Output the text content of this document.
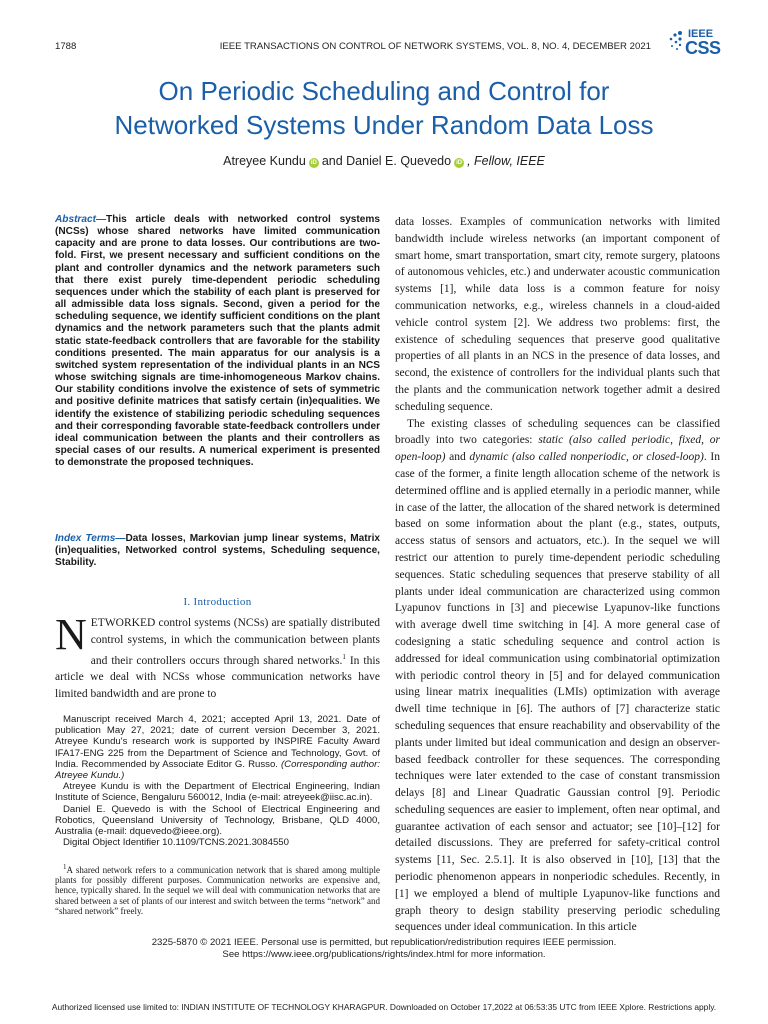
1788	IEEE TRANSACTIONS ON CONTROL OF NETWORK SYSTEMS, VOL. 8, NO. 4, DECEMBER 2021
IEEE
CSS
On Periodic Scheduling and Control for
Networked Systems Under Random Data Loss
Atreyee Kundu iD and Daniel E. Quevedo iD , Fellow, IEEE
Abstract—This article deals with networked control systems (NCSs) whose shared networks have limited communication capacity and are prone to data losses. Our contributions are two-fold. First, we present necessary and sufficient conditions on the plant and controller dynamics and the network parameters such that there exist purely time-dependent periodic scheduling sequences under which the stability of each plant is preserved for all admissible data loss signals. Second, given a period for the scheduling sequence, we identify sufficient conditions on the plant dynamics and the network parameters such that the plants admit static state-feedback controllers that are favorable for the stability conditions presented. The main apparatus for our analysis is a switched system representation of the individual plants in an NCS whose switching signals are time-inhomogeneous Markov chains. Our stability conditions involve the existence of sets of symmetric and positive definite matrices that satisfy certain (in)equalities. We identify the existence of stabilizing periodic scheduling sequences and their corresponding favorable state-feedback controllers under ideal communication between the plants and their controllers as special cases of our results. A numerical experiment is presented to demonstrate the proposed techniques.
Index Terms—Data losses, Markovian jump linear systems, Matrix (in)equalities, Networked control systems, Scheduling sequence, Stability.
I. Introduction
NETWORKED control systems (NCSs) are spatially distributed control systems, in which the communication between plants and their controllers occurs through shared networks.$^1$ In this article we deal with NCSs whose communication networks have limited bandwidth and are prone to

Manuscript received March 4, 2021; accepted April 13, 2021. Date of publication May 27, 2021; date of current version December 3, 2021. Atreyee Kundu's research work is supported by INSPIRE Faculty Award IFA17-ENG 225 from the Department of Science and Technology, Govt. of India. Recommended by Associate Editor G. Russo. (Corresponding author: Atreyee Kundu.)

Atreyee Kundu is with the Department of Electrical Engineering, Indian Institute of Science, Bengaluru 560012, India (e-mail: atreyeek@iisc.ac.in).

Daniel E. Quevedo is with the School of Electrical Engineering and Robotics, Queensland University of Technology, Brisbane, QLD 4000, Australia (e-mail: dquevedo@ieee.org).

Digital Object Identifier 10.1109/TCNS.2021.3084550

$^1$A shared network refers to a communication network that is shared among multiple plants for possibly different purposes. Communication networks are expensive and, hence, typically shared. In the sequel we will deal with communication networks that are shared between a set of plants of our interest and switch between the terms “network” and “shared network” freely.

data losses. Examples of communication networks with limited bandwidth include wireless networks (an important component of smart home, smart transportation, smart city, remote surgery, platoons of autonomous vehicles, etc.) and underwater acoustic communication systems [1], while data loss is a common feature for noisy communication networks, e.g., wireless channels in a cloud-aided vehicle control system [2]. We address two problems: first, the existence of scheduling sequences that preserve good qualitative properties of all plants in an NCS in the presence of data losses, and second, the existence of controllers for the individual plants such that the plants and the communication network together admit a desired scheduling sequence.

The existing classes of scheduling sequences can be classified broadly into two categories: static (also called periodic, fixed, or open-loop) and dynamic (also called nonperiodic, or closed-loop). In case of the former, a finite length allocation scheme of the network is determined offline and is applied eternally in a periodic manner, while in case of the latter, the allocation of the shared network is determined based on some information about the plant (e.g., states, outputs, access status of sensors and actuators, etc.). In the sequel we will restrict our attention to purely time-dependent periodic scheduling sequences. Static scheduling sequences that preserve stability of all plants under ideal communication are characterized using common Lyapunov functions in [3] and piecewise Lyapunov-like functions with average dwell time switching in [4]. A more general case of codesigning a static scheduling sequence and control action is addressed for ideal communication using combinatorial optimization with periodic control theory in [5] and for delayed communication using linear matrix inequalities (LMIs) optimization with average dwell time technique in [6]. The authors of [7] characterize static scheduling sequences that ensure reachability and observability of the plants under limited but ideal communication and design an observer-based feedback controller for these sequences. The corresponding techniques were later extended to the case of constant transmission delays [8] and Linear Quadratic Gaussian control [9]. Periodic scheduling sequences are easier to implement, often near optimal, and guarantee activation of each sensor and actuator; see [10]–[12] for detailed discussions. They are preferred for safety-critical control systems [11, Sec. 2.5.1]. It is also observed in [10], [13] that the periodic phenomenon appears in nonperiodic schedules. Recently, in [1] we employed a blend of multiple Lyapunov-like functions and graph theory to design stability preserving periodic scheduling sequences under ideal communication. In this article

2325-5870 © 2021 IEEE. Personal use is permitted, but republication/redistribution requires IEEE permission.
See https://www.ieee.org/publications/rights/index.html for more information.
Authorized licensed use limited to: INDIAN INSTITUTE OF TECHNOLOGY KHARAGPUR. Downloaded on October 17,2022 at 06:53:35 UTC from IEEE Xplore. Restrictions apply.
